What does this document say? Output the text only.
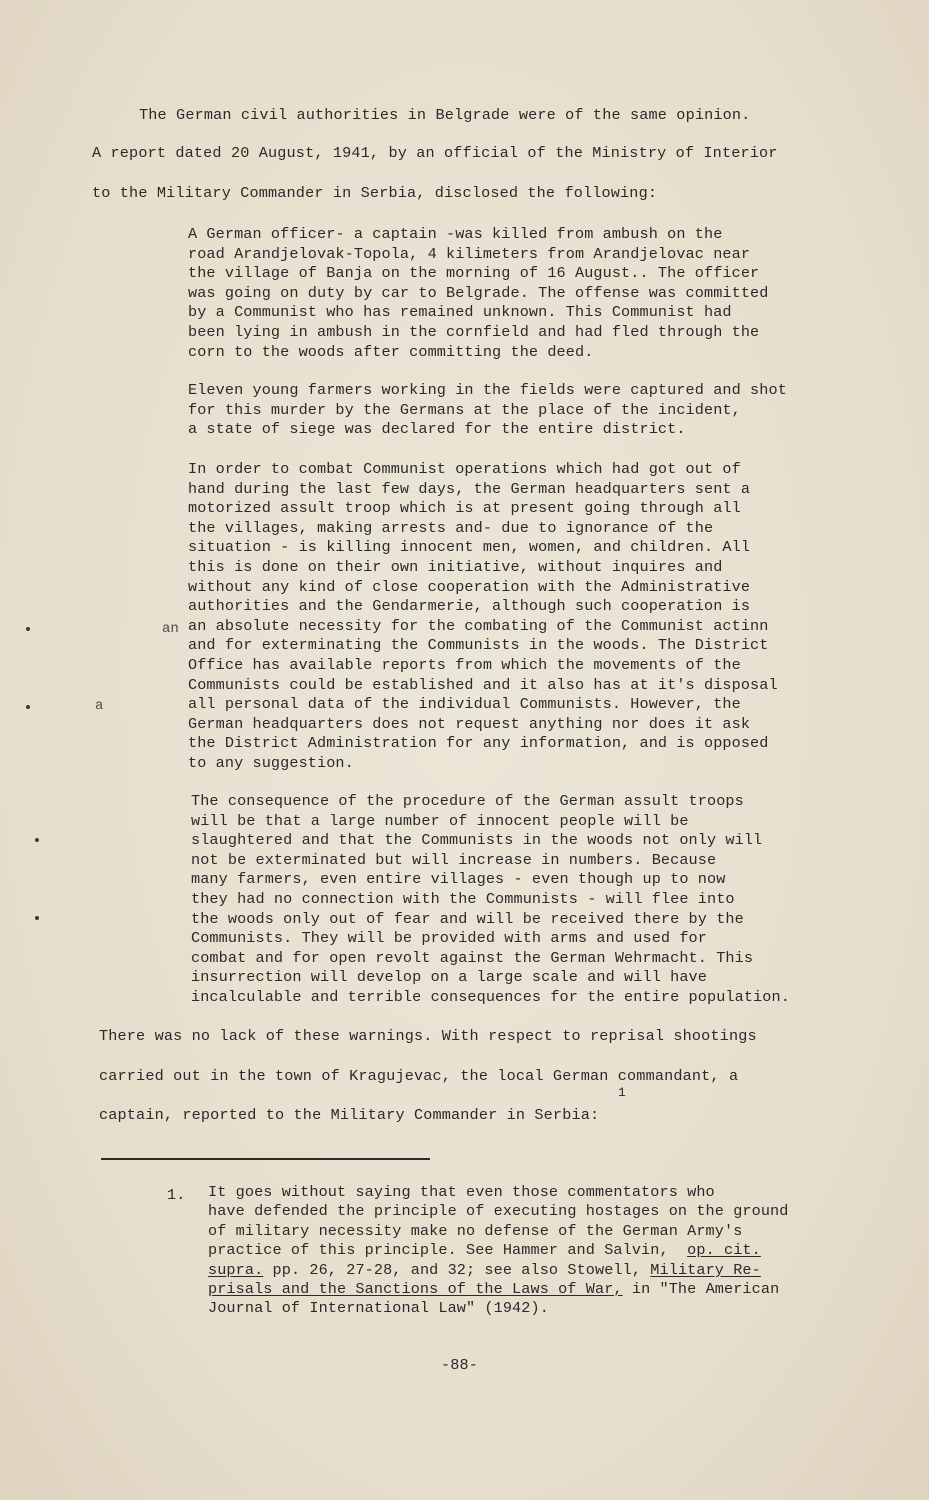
The German civil authorities in Belgrade were of the same opinion.
A report dated 20 August, 1941, by an official of the Ministry of Interior
to the Military Commander in Serbia, disclosed the following:
A German officer- a captain -was killed from ambush on the
road Arandjelovak-Topola, 4 kilimeters from Arandjelovac near
the village of Banja on the morning of 16 August.. The officer
was going on duty by car to Belgrade. The offense was committed
by a Communist who has remained unknown. This Communist had
been lying in ambush in the cornfield and had fled through the
corn to the woods after committing the deed.
Eleven young farmers working in the fields were captured and shot
for this murder by the Germans at the place of the incident,
a state of siege was declared for the entire district.
In order to combat Communist operations which had got out of
hand during the last few days, the German headquarters sent a
motorized assult troop which is at present going through all
the villages, making arrests and- due to ignorance of the
situation - is killing innocent men, women, and children. All
this is done on their own initiative, without inquires and
without any kind of close cooperation with the Administrative
authorities and the Gendarmerie, although such cooperation is
an absolute necessity for the combating of the Communist actinn
and for exterminating the Communists in the woods. The District
Office has available reports from which the movements of the
Communists could be established and it also has at it's disposal
all personal data of the individual Communists. However, the
German headquarters does not request anything nor does it ask
the District Administration for any information, and is opposed
to any suggestion.
an
a
The consequence of the procedure of the German assult troops
will be that a large number of innocent people will be
slaughtered and that the Communists in the woods not only will
not be exterminated but will increase in numbers. Because
many farmers, even entire villages - even though up to now
they had no connection with the Communists - will flee into
the woods only out of fear and will be received there by the
Communists. They will be provided with arms and used for
combat and for open revolt against the German Wehrmacht. This
insurrection will develop on a large scale and will have
incalculable and terrible consequences for the entire population.
There was no lack of these warnings. With respect to reprisal shootings
carried out in the town of Kragujevac, the local German commandant, a
1
captain, reported to the Military Commander in Serbia:
1. It goes without saying that even those commentators who
have defended the principle of executing hostages on the ground
of military necessity make no defense of the German Army's
practice of this principle. See Hammer and Salvin, op. cit.
supra. pp. 26, 27-28, and 32; see also Stowell, Military Re-
prisals and the Sanctions of the Laws of War, in "The American
Journal of International Law" (1942).
-88-
